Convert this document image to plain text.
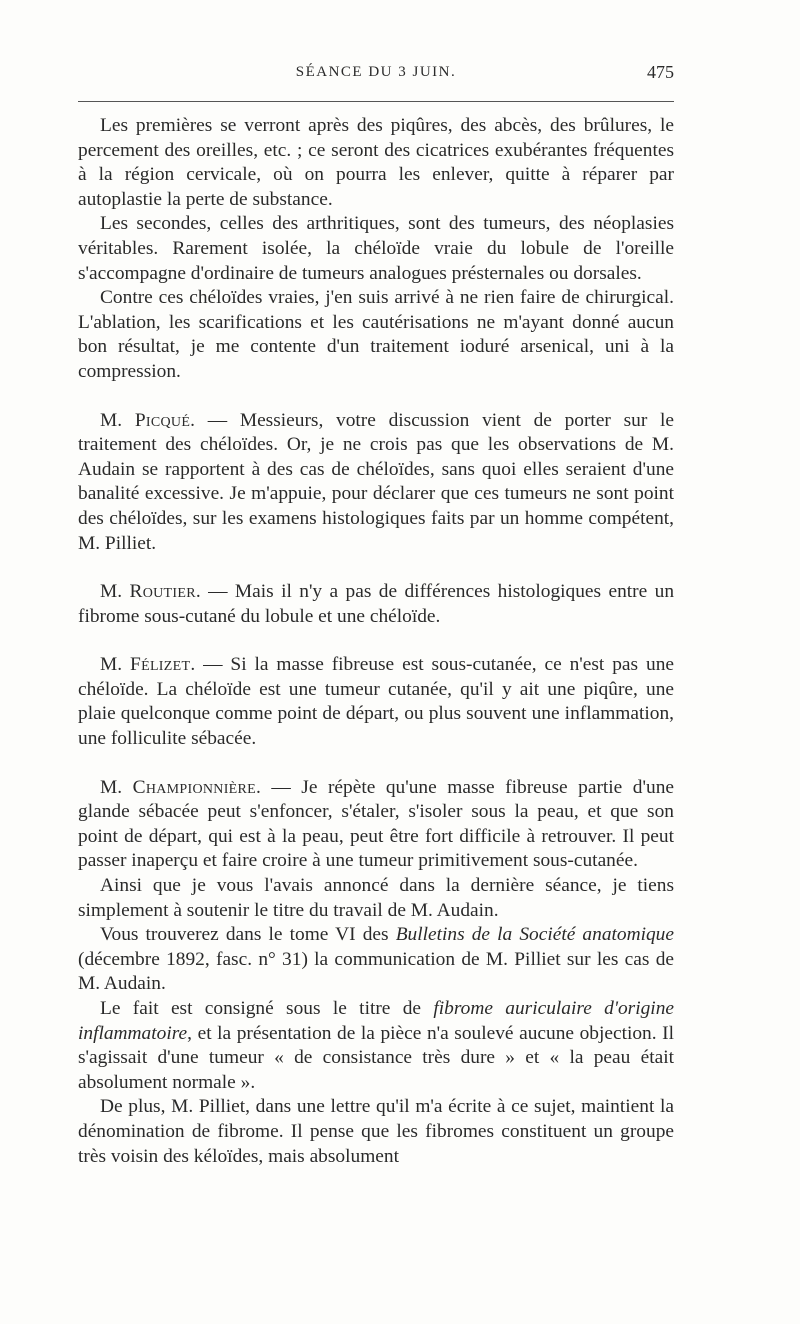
SÉANCE DU 3 JUIN.	475

Les premières se verront après des piqûres, des abcès, des brûlures, le percement des oreilles, etc. ; ce seront des cicatrices exubérantes fréquentes à la région cervicale, où on pourra les enlever, quitte à réparer par autoplastie la perte de substance.

Les secondes, celles des arthritiques, sont des tumeurs, des néoplasies véritables. Rarement isolée, la chéloïde vraie du lobule de l'oreille s'accompagne d'ordinaire de tumeurs analogues présternales ou dorsales.

Contre ces chéloïdes vraies, j'en suis arrivé à ne rien faire de chirurgical. L'ablation, les scarifications et les cautérisations ne m'ayant donné aucun bon résultat, je me contente d'un traitement ioduré arsenical, uni à la compression.

M. Picqué. — Messieurs, votre discussion vient de porter sur le traitement des chéloïdes. Or, je ne crois pas que les observations de M. Audain se rapportent à des cas de chéloïdes, sans quoi elles seraient d'une banalité excessive. Je m'appuie, pour déclarer que ces tumeurs ne sont point des chéloïdes, sur les examens histologiques faits par un homme compétent, M. Pilliet.

M. Routier. — Mais il n'y a pas de différences histologiques entre un fibrome sous-cutané du lobule et une chéloïde.

M. Félizet. — Si la masse fibreuse est sous-cutanée, ce n'est pas une chéloïde. La chéloïde est une tumeur cutanée, qu'il y ait une piqûre, une plaie quelconque comme point de départ, ou plus souvent une inflammation, une folliculite sébacée.

M. Championnière. — Je répète qu'une masse fibreuse partie d'une glande sébacée peut s'enfoncer, s'étaler, s'isoler sous la peau, et que son point de départ, qui est à la peau, peut être fort difficile à retrouver. Il peut passer inaperçu et faire croire à une tumeur primitivement sous-cutanée.

Ainsi que je vous l'avais annoncé dans la dernière séance, je tiens simplement à soutenir le titre du travail de M. Audain.

Vous trouverez dans le tome VI des Bulletins de la Société anatomique (décembre 1892, fasc. n° 31) la communication de M. Pilliet sur les cas de M. Audain.

Le fait est consigné sous le titre de fibrome auriculaire d'origine inflammatoire, et la présentation de la pièce n'a soulevé aucune objection. Il s'agissait d'une tumeur « de consistance très dure » et « la peau était absolument normale ».

De plus, M. Pilliet, dans une lettre qu'il m'a écrite à ce sujet, maintient la dénomination de fibrome. Il pense que les fibromes constituent un groupe très voisin des kéloïdes, mais absolument
